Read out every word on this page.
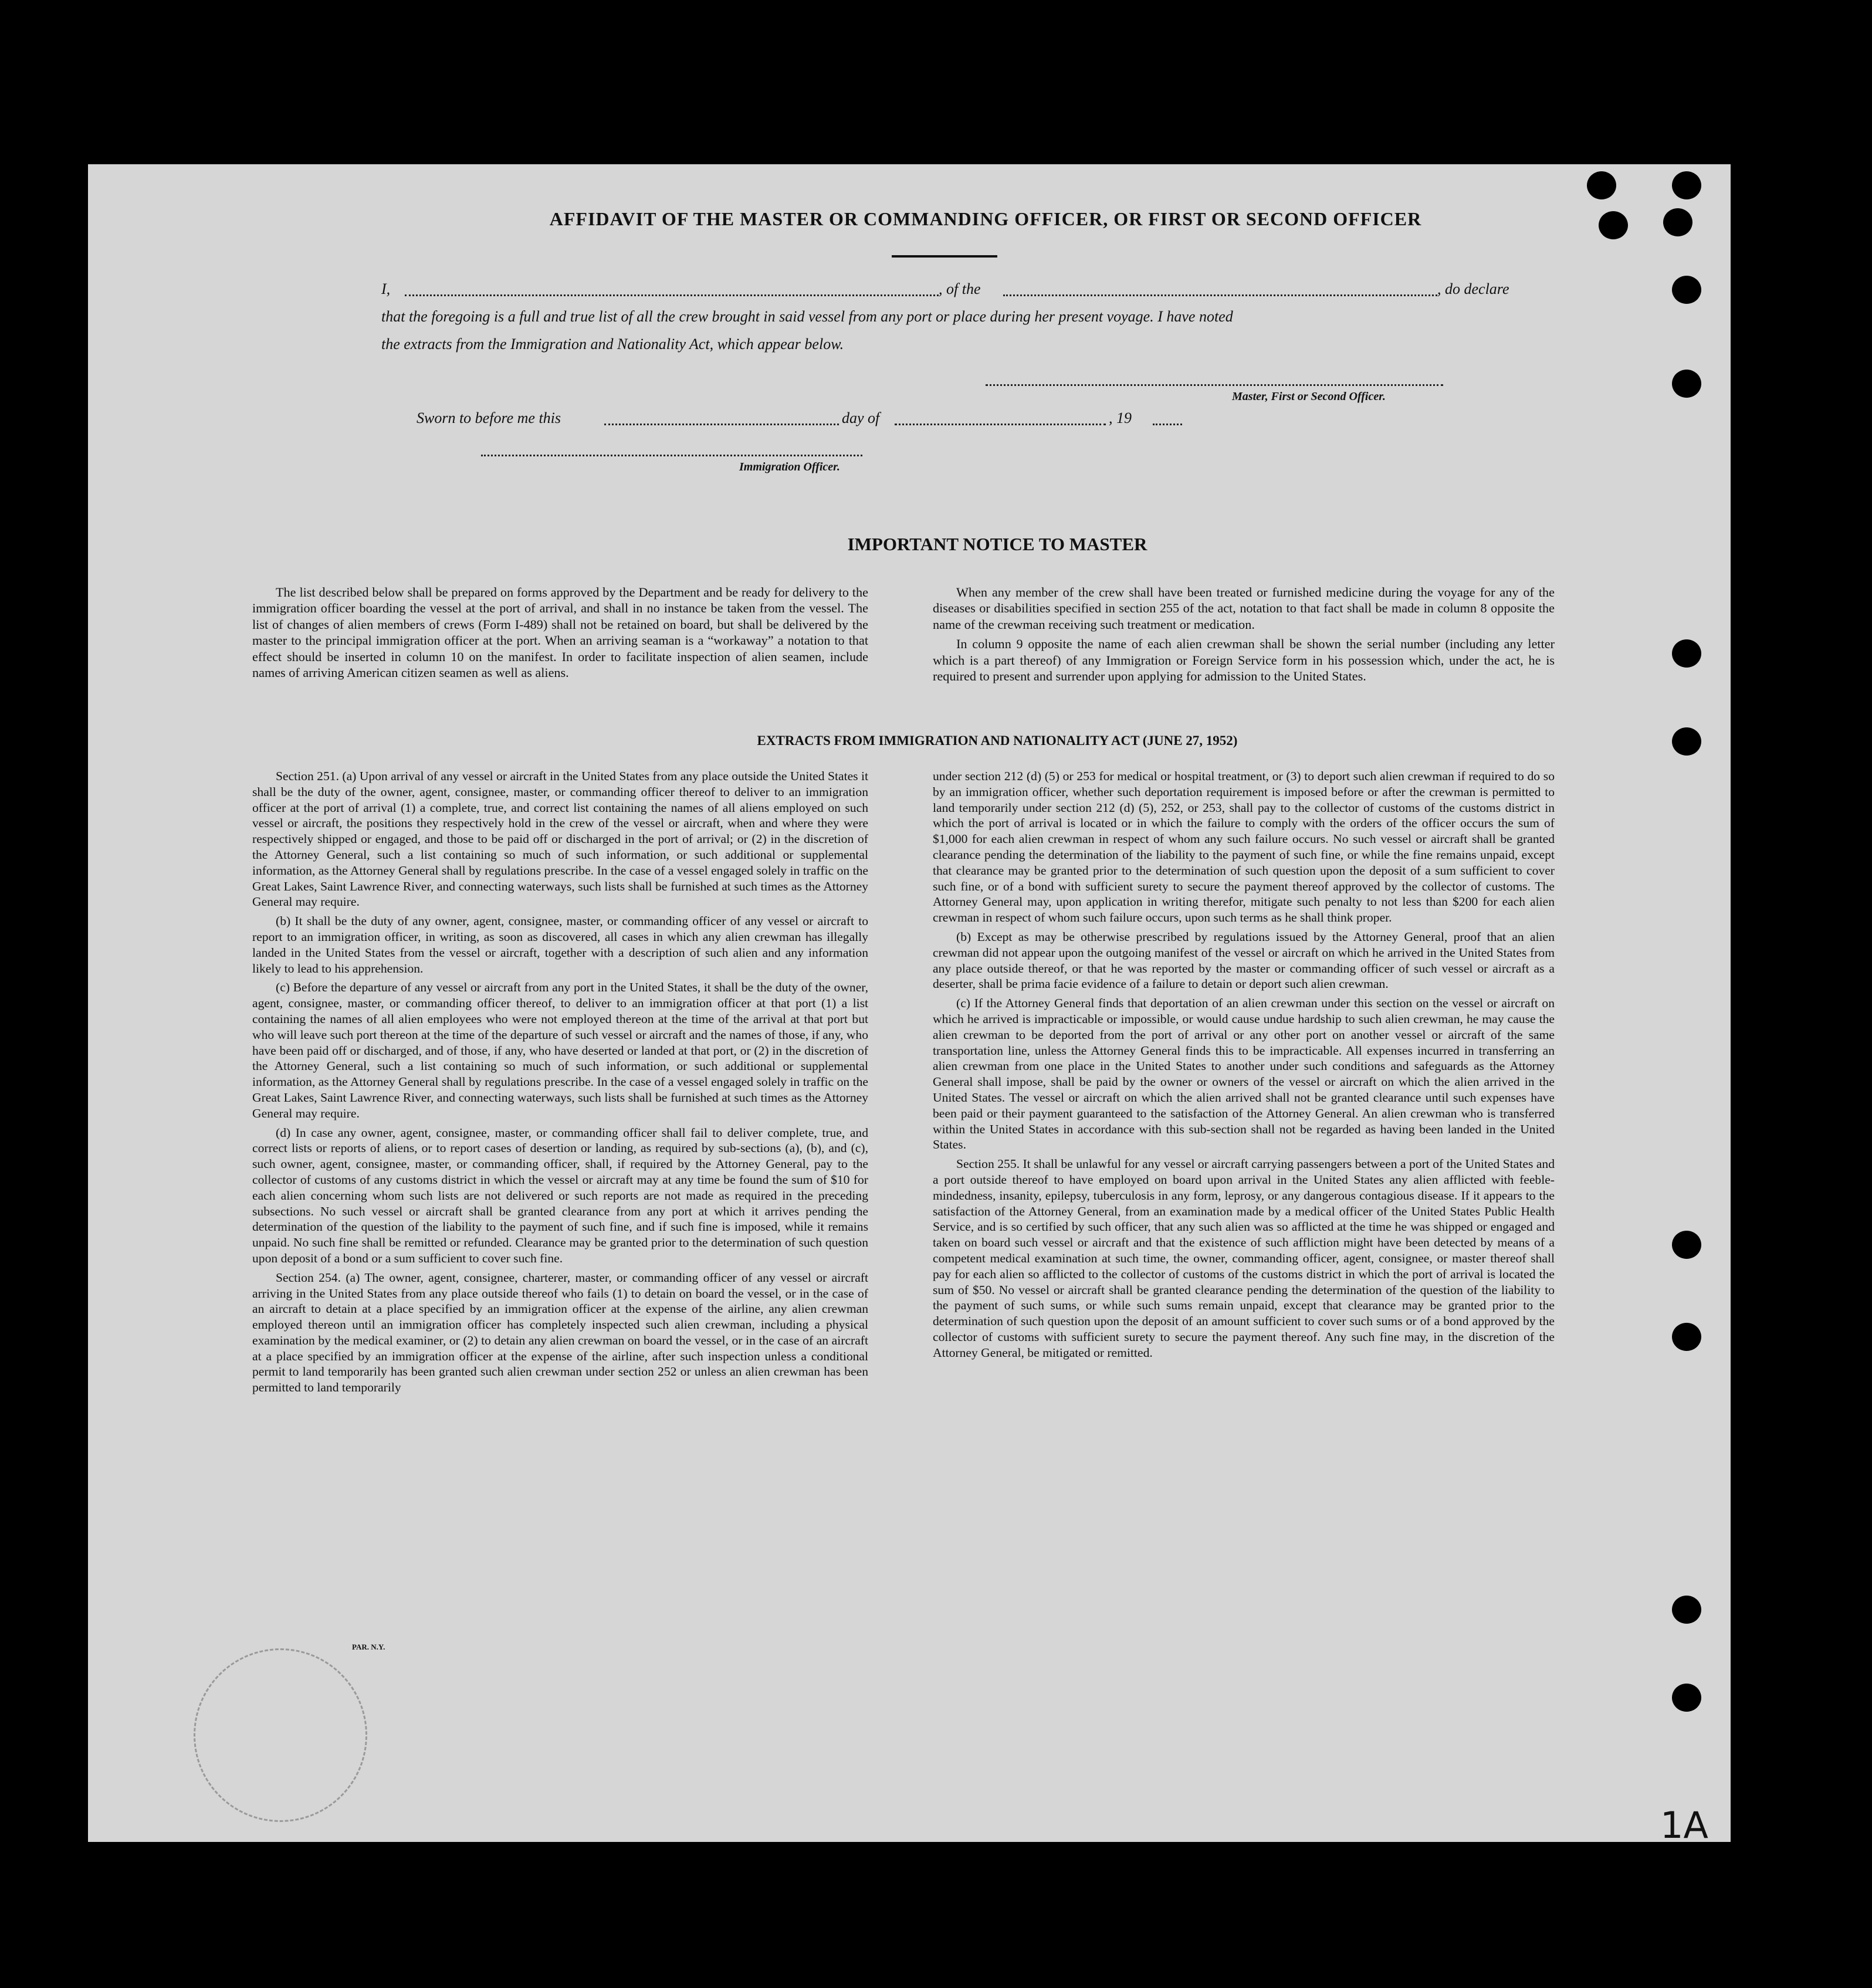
AFFIDAVIT OF THE MASTER OR COMMANDING OFFICER, OR FIRST OR SECOND OFFICER
I,	, of the	, do declare
that the foregoing is a full and true list of all the crew brought in said vessel from any port or place during her present voyage. I have noted
the extracts from the Immigration and Nationality Act, which appear below.
Master, First or Second Officer.
Sworn to before me this	day of	, 19
Immigration Officer.
IMPORTANT NOTICE TO MASTER

The list described below shall be prepared on forms approved by the Department and be ready for delivery to the immigration officer boarding the vessel at the port of arrival, and shall in no instance be taken from the vessel. The list of changes of alien members of crews (Form I-489) shall not be retained on board, but shall be delivered by the master to the principal immigration officer at the port. When an arriving seaman is a “workaway” a notation to that effect should be inserted in column 10 on the manifest. In order to facilitate inspection of alien seamen, include names of arriving American citizen seamen as well as aliens.

When any member of the crew shall have been treated or furnished medicine during the voyage for any of the diseases or disabilities specified in section 255 of the act, notation to that fact shall be made in column 8 opposite the name of the crewman receiving such treatment or medication.

In column 9 opposite the name of each alien crewman shall be shown the serial number (including any letter which is a part thereof) of any Immigration or Foreign Service form in his possession which, under the act, he is required to present and surrender upon applying for admission to the United States.

EXTRACTS FROM IMMIGRATION AND NATIONALITY ACT (JUNE 27, 1952)

Section 251. (a) Upon arrival of any vessel or aircraft in the United States from any place outside the United States it shall be the duty of the owner, agent, consignee, master, or commanding officer thereof to deliver to an immigration officer at the port of arrival (1) a complete, true, and correct list containing the names of all aliens employed on such vessel or aircraft, the positions they respectively hold in the crew of the vessel or aircraft, when and where they were respectively shipped or engaged, and those to be paid off or discharged in the port of arrival; or (2) in the discretion of the Attorney General, such a list containing so much of such information, or such additional or supplemental information, as the Attorney General shall by regulations prescribe. In the case of a vessel engaged solely in traffic on the Great Lakes, Saint Lawrence River, and connecting waterways, such lists shall be furnished at such times as the Attorney General may require.

(b) It shall be the duty of any owner, agent, consignee, master, or commanding officer of any vessel or aircraft to report to an immigration officer, in writing, as soon as discovered, all cases in which any alien crewman has illegally landed in the United States from the vessel or aircraft, together with a description of such alien and any information likely to lead to his apprehension.

(c) Before the departure of any vessel or aircraft from any port in the United States, it shall be the duty of the owner, agent, consignee, master, or commanding officer thereof, to deliver to an immigration officer at that port (1) a list containing the names of all alien employees who were not employed thereon at the time of the arrival at that port but who will leave such port thereon at the time of the departure of such vessel or aircraft and the names of those, if any, who have been paid off or discharged, and of those, if any, who have deserted or landed at that port, or (2) in the discretion of the Attorney General, such a list containing so much of such information, or such additional or supplemental information, as the Attorney General shall by regulations prescribe. In the case of a vessel engaged solely in traffic on the Great Lakes, Saint Lawrence River, and connecting waterways, such lists shall be furnished at such times as the Attorney General may require.

(d) In case any owner, agent, consignee, master, or commanding officer shall fail to deliver complete, true, and correct lists or reports of aliens, or to report cases of desertion or landing, as required by sub-sections (a), (b), and (c), such owner, agent, consignee, master, or commanding officer, shall, if required by the Attorney General, pay to the collector of customs of any customs district in which the vessel or aircraft may at any time be found the sum of $10 for each alien concerning whom such lists are not delivered or such reports are not made as required in the preceding subsections. No such vessel or aircraft shall be granted clearance from any port at which it arrives pending the determination of the question of the liability to the payment of such fine, and if such fine is imposed, while it remains unpaid. No such fine shall be remitted or refunded. Clearance may be granted prior to the determination of such question upon deposit of a bond or a sum sufficient to cover such fine.

Section 254. (a) The owner, agent, consignee, charterer, master, or commanding officer of any vessel or aircraft arriving in the United States from any place outside thereof who fails (1) to detain on board the vessel, or in the case of an aircraft to detain at a place specified by an immigration officer at the expense of the airline, any alien crewman employed thereon until an immigration officer has completely inspected such alien crewman, including a physical examination by the medical examiner, or (2) to detain any alien crewman on board the vessel, or in the case of an aircraft at a place specified by an immigration officer at the expense of the airline, after such inspection unless a conditional permit to land temporarily has been granted such alien crewman under section 252 or unless an alien crewman has been permitted to land temporarily

under section 212 (d) (5) or 253 for medical or hospital treatment, or (3) to deport such alien crewman if required to do so by an immigration officer, whether such deportation requirement is imposed before or after the crewman is permitted to land temporarily under section 212 (d) (5), 252, or 253, shall pay to the collector of customs of the customs district in which the port of arrival is located or in which the failure to comply with the orders of the officer occurs the sum of $1,000 for each alien crewman in respect of whom any such failure occurs. No such vessel or aircraft shall be granted clearance pending the determination of the liability to the payment of such fine, or while the fine remains unpaid, except that clearance may be granted prior to the determination of such question upon the deposit of a sum sufficient to cover such fine, or of a bond with sufficient surety to secure the payment thereof approved by the collector of customs. The Attorney General may, upon application in writing therefor, mitigate such penalty to not less than $200 for each alien crewman in respect of whom such failure occurs, upon such terms as he shall think proper.

(b) Except as may be otherwise prescribed by regulations issued by the Attorney General, proof that an alien crewman did not appear upon the outgoing manifest of the vessel or aircraft on which he arrived in the United States from any place outside thereof, or that he was reported by the master or commanding officer of such vessel or aircraft as a deserter, shall be prima facie evidence of a failure to detain or deport such alien crewman.

(c) If the Attorney General finds that deportation of an alien crewman under this section on the vessel or aircraft on which he arrived is impracticable or impossible, or would cause undue hardship to such alien crewman, he may cause the alien crewman to be deported from the port of arrival or any other port on another vessel or aircraft of the same transportation line, unless the Attorney General finds this to be impracticable. All expenses incurred in transferring an alien crewman from one place in the United States to another under such conditions and safeguards as the Attorney General shall impose, shall be paid by the owner or owners of the vessel or aircraft on which the alien arrived in the United States. The vessel or aircraft on which the alien arrived shall not be granted clearance until such expenses have been paid or their payment guaranteed to the satisfaction of the Attorney General. An alien crewman who is transferred within the United States in accordance with this sub-section shall not be regarded as having been landed in the United States.

Section 255. It shall be unlawful for any vessel or aircraft carrying passengers between a port of the United States and a port outside thereof to have employed on board upon arrival in the United States any alien afflicted with feeble-mindedness, insanity, epilepsy, tuberculosis in any form, leprosy, or any dangerous contagious disease. If it appears to the satisfaction of the Attorney General, from an examination made by a medical officer of the United States Public Health Service, and is so certified by such officer, that any such alien was so afflicted at the time he was shipped or engaged and taken on board such vessel or aircraft and that the existence of such affliction might have been detected by means of a competent medical examination at such time, the owner, commanding officer, agent, consignee, or master thereof shall pay for each alien so afflicted to the collector of customs of the customs district in which the port of arrival is located the sum of $50. No vessel or aircraft shall be granted clearance pending the determination of the question of the liability to the payment of such sums, or while such sums remain unpaid, except that clearance may be granted prior to the determination of such question upon the deposit of an amount sufficient to cover such sums or of a bond approved by the collector of customs with sufficient surety to secure the payment thereof. Any such fine may, in the discretion of the Attorney General, be mitigated or remitted.

PAR. N.Y.
1A
